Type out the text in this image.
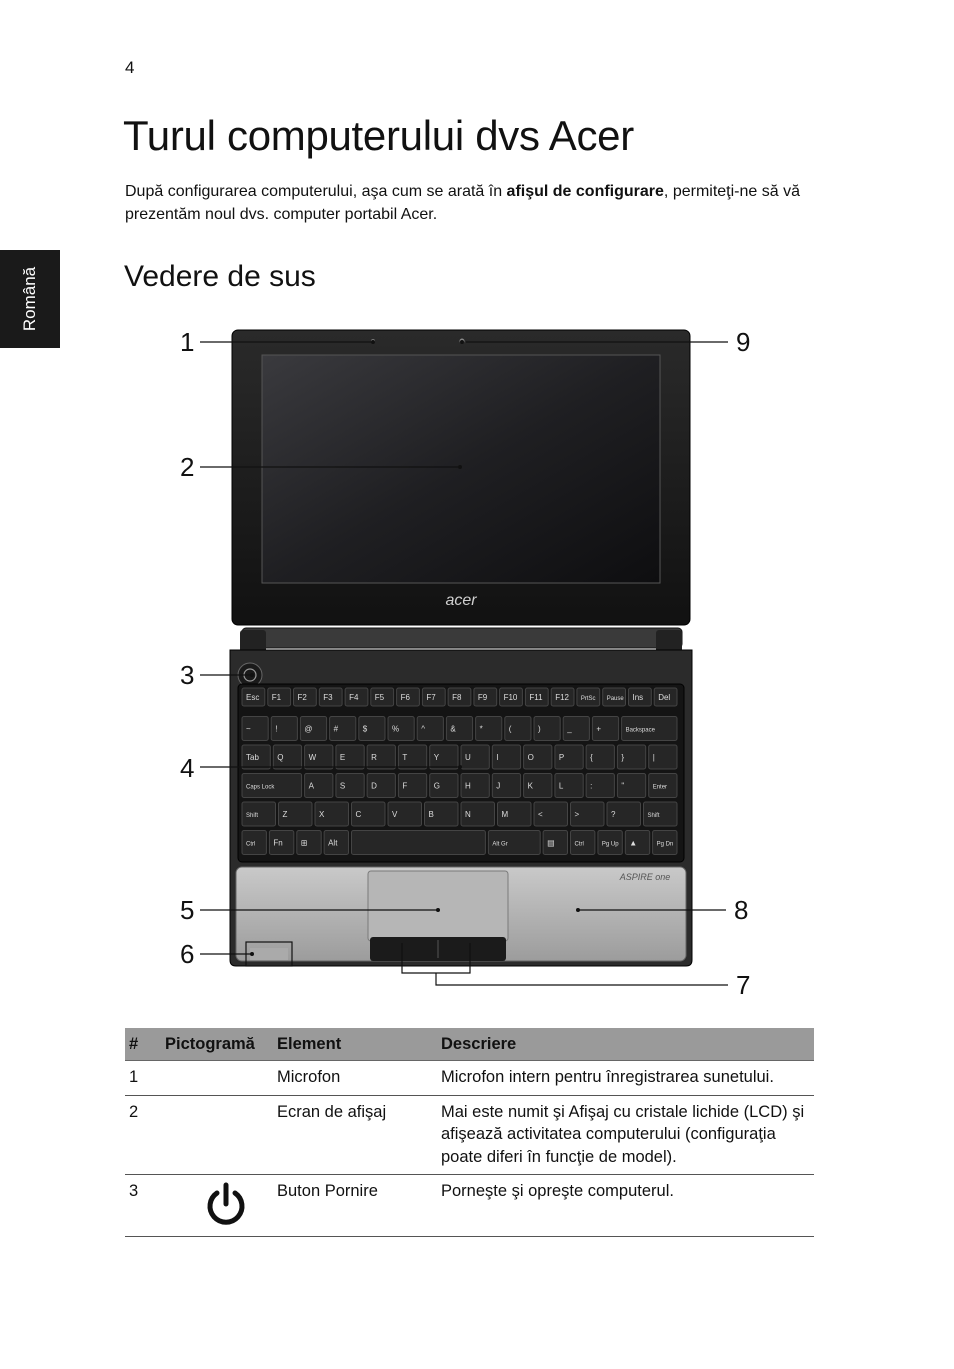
4
Română
Turul computerului dvs Acer

După configurarea computerului, aşa cum se arată în afişul de configurare, permiteţi-ne să vă prezentăm noul dvs. computer portabil Acer.

Vedere de sus
acer
Esc F1 F2 F3 F4 F5 F6 F7 F8 F9 F10 F11 F12 PrtSc Pause Ins Del
~	!	@	#	$	%	^	&	*	(	)	_	+	Backspace
Tab Q	W	E	R	T	Y	U	I	O	P	{	}	|
Caps Lock	A	S	D	F	G	H	J	K	L	:	"	Enter
Shift	Z	X	C	V	B	N	M	<	>	?	Shift
Ctrl Fn ⊞	Alt	Alt Gr	▤	Ctrl	Pg Up ▲	Pg Dn
ASPIRE one
1	9
2
3
4
5	8
6
7
#	Pictogramă	Element	Descriere
1		Microfon	Microfon intern pentru înregistrarea sunetului.
2		Ecran de afişaj	Mai este numit şi Afişaj cu cristale lichide (LCD) şi afişează activitatea computerului (configuraţia poate diferi în funcţie de model).
3		Buton Pornire	Porneşte şi opreşte computerul.
